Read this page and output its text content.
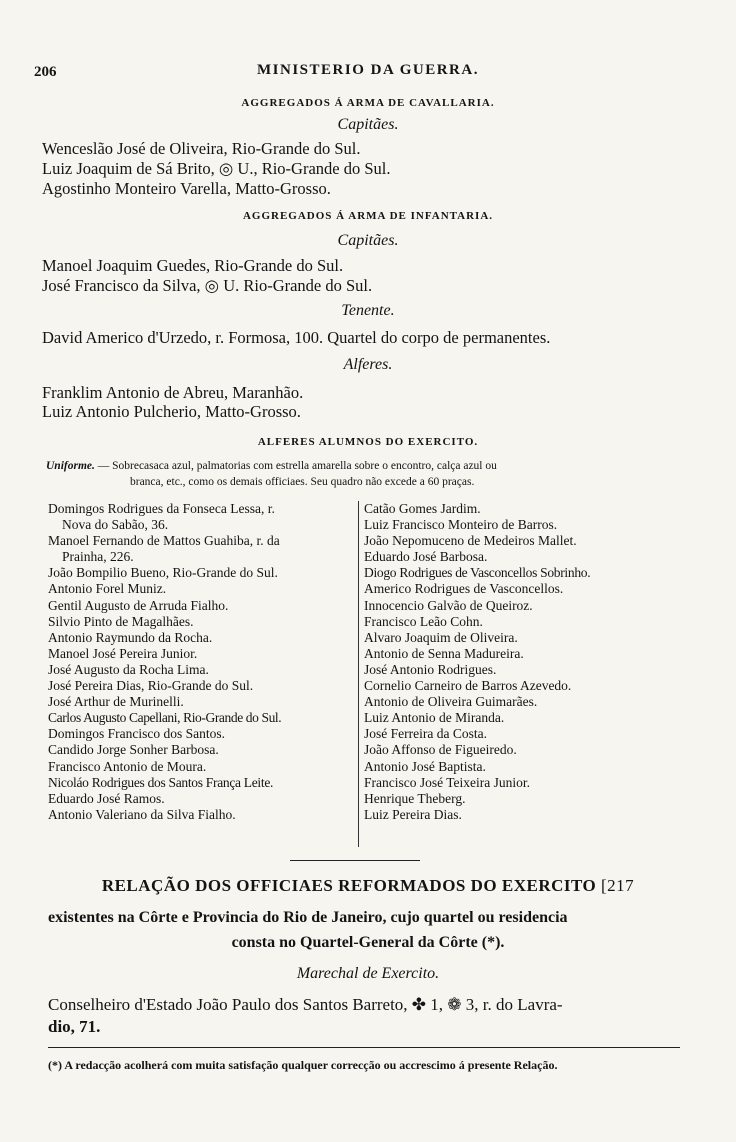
206	MINISTERIO DA GUERRA.
AGGREGADOS Á ARMA DE CAVALLARIA.
Capitães.
Wenceslão José de Oliveira, Rio-Grande do Sul.
Luiz Joaquim de Sá Brito, ◎ U., Rio-Grande do Sul.
Agostinho Monteiro Varella, Matto-Grosso.
AGGREGADOS Á ARMA DE INFANTARIA.
Capitães.
Manoel Joaquim Guedes, Rio-Grande do Sul.
José Francisco da Silva, ◎ U. Rio-Grande do Sul.
Tenente.
David Americo d'Urzedo, r. Formosa, 100. Quartel do corpo de permanentes.
Alferes.
Franklim Antonio de Abreu, Maranhão.
Luiz Antonio Pulcherio, Matto-Grosso.
ALFERES ALUMNOS DO EXERCITO.
Uniforme. — Sobrecasaca azul, palmatorias com estrella amarella sobre o encontro, calça azul ou
branca, etc., como os demais officiaes. Seu quadro não excede a 60 praças.
Domingos Rodrigues da Fonseca Lessa, r.
Nova do Sabão, 36.
Manoel Fernando de Mattos Guahiba, r. da
Prainha, 226.
João Bompilio Bueno, Rio-Grande do Sul.
Antonio Forel Muniz.
Gentil Augusto de Arruda Fialho.
Silvio Pinto de Magalhães.
Antonio Raymundo da Rocha.
Manoel José Pereira Junior.
José Augusto da Rocha Lima.
José Pereira Dias, Rio-Grande do Sul.
José Arthur de Murinelli.
Carlos Augusto Capellani, Rio-Grande do Sul.
Domingos Francisco dos Santos.
Candido Jorge Sonher Barbosa.
Francisco Antonio de Moura.
Nicoláo Rodrigues dos Santos França Leite.
Eduardo José Ramos.
Antonio Valeriano da Silva Fialho.
Catão Gomes Jardim.
Luiz Francisco Monteiro de Barros.
João Nepomuceno de Medeiros Mallet.
Eduardo José Barbosa.
Diogo Rodrigues de Vasconcellos Sobrinho.
Americo Rodrigues de Vasconcellos.
Innocencio Galvão de Queiroz.
Francisco Leão Cohn.
Alvaro Joaquim de Oliveira.
Antonio de Senna Madureira.
José Antonio Rodrigues.
Cornelio Carneiro de Barros Azevedo.
Antonio de Oliveira Guimarães.
Luiz Antonio de Miranda.
José Ferreira da Costa.
João Affonso de Figueiredo.
Antonio José Baptista.
Francisco José Teixeira Junior.
Henrique Theberg.
Luiz Pereira Dias.
RELAÇÃO DOS OFFICIAES REFORMADOS DO EXERCITO [217
existentes na Côrte e Provincia do Rio de Janeiro, cujo quartel ou residencia
consta no Quartel-General da Côrte (*).
Marechal de Exercito.
Conselheiro d'Estado João Paulo dos Santos Barreto, ✤ 1, ❁ 3, r. do Lavra-
dio, 71.
(*) A redacção acolherá com muita satisfação qualquer correcção ou accrescimo á presente Relação.
